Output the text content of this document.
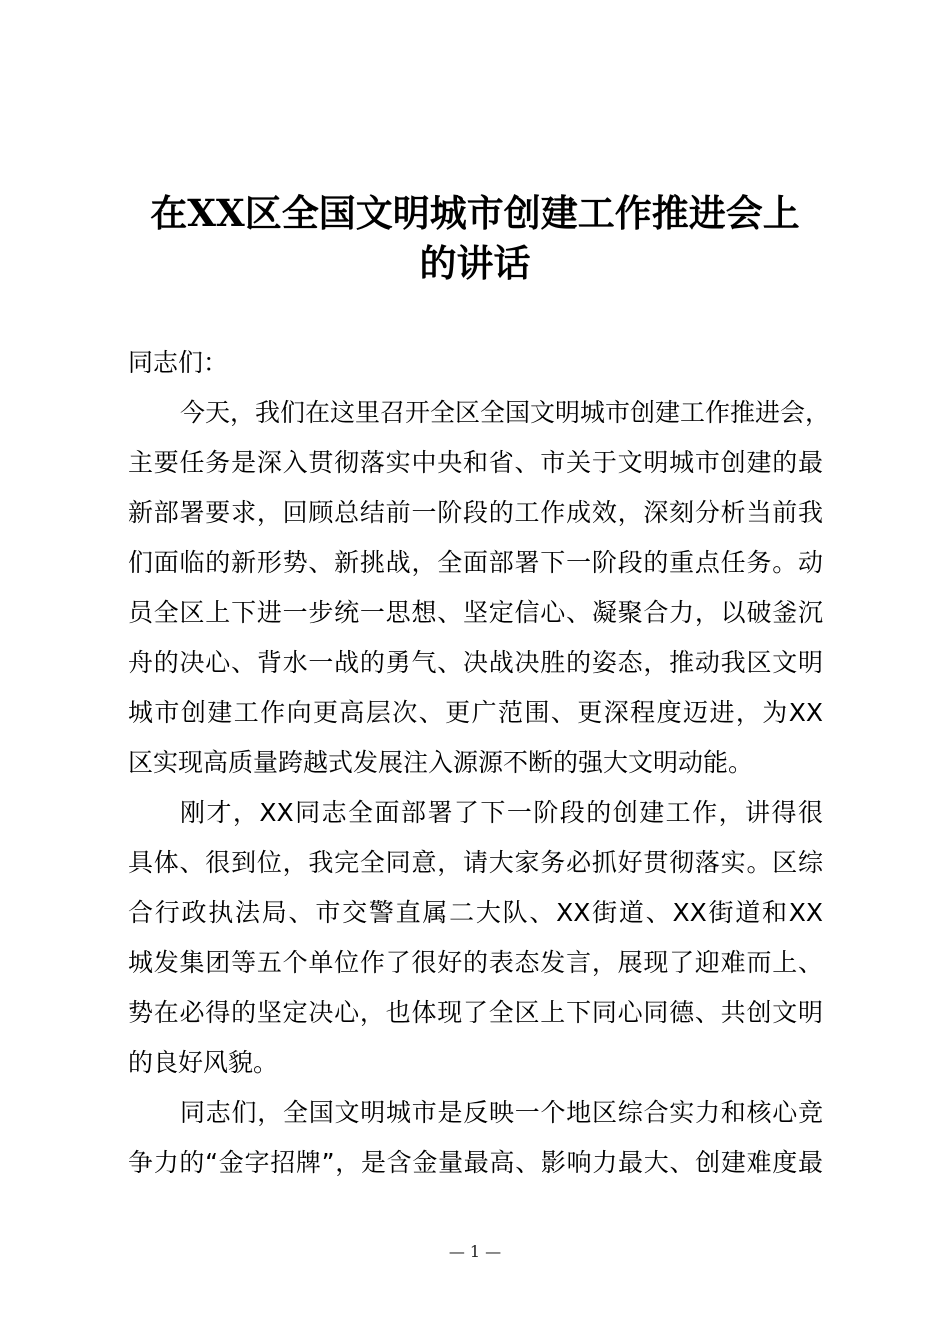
在XX区全国文明城市创建工作推进会上
的讲话
同志们：
今天，我们在这里召开全区全国文明城市创建工作推进会，
主要任务是深入贯彻落实中央和省、市关于文明城市创建的最
新部署要求，回顾总结前一阶段的工作成效，深刻分析当前我
们面临的新形势、新挑战，全面部署下一阶段的重点任务。动
员全区上下进一步统一思想、坚定信心、凝聚合力，以破釜沉
舟的决心、背水一战的勇气、决战决胜的姿态，推动我区文明
城市创建工作向更高层次、更广范围、更深程度迈进，为XX
区实现高质量跨越式发展注入源源不断的强大文明动能。
刚才，XX同志全面部署了下一阶段的创建工作，讲得很
具体、很到位，我完全同意，请大家务必抓好贯彻落实。区综
合行政执法局、市交警直属二大队、XX街道、XX街道和XX
城发集团等五个单位作了很好的表态发言，展现了迎难而上、
势在必得的坚定决心，也体现了全区上下同心同德、共创文明
的良好风貌。
同志们，全国文明城市是反映一个地区综合实力和核心竞
争力的“金字招牌”，是含金量最高、影响力最大、创建难度最
— 1 —
